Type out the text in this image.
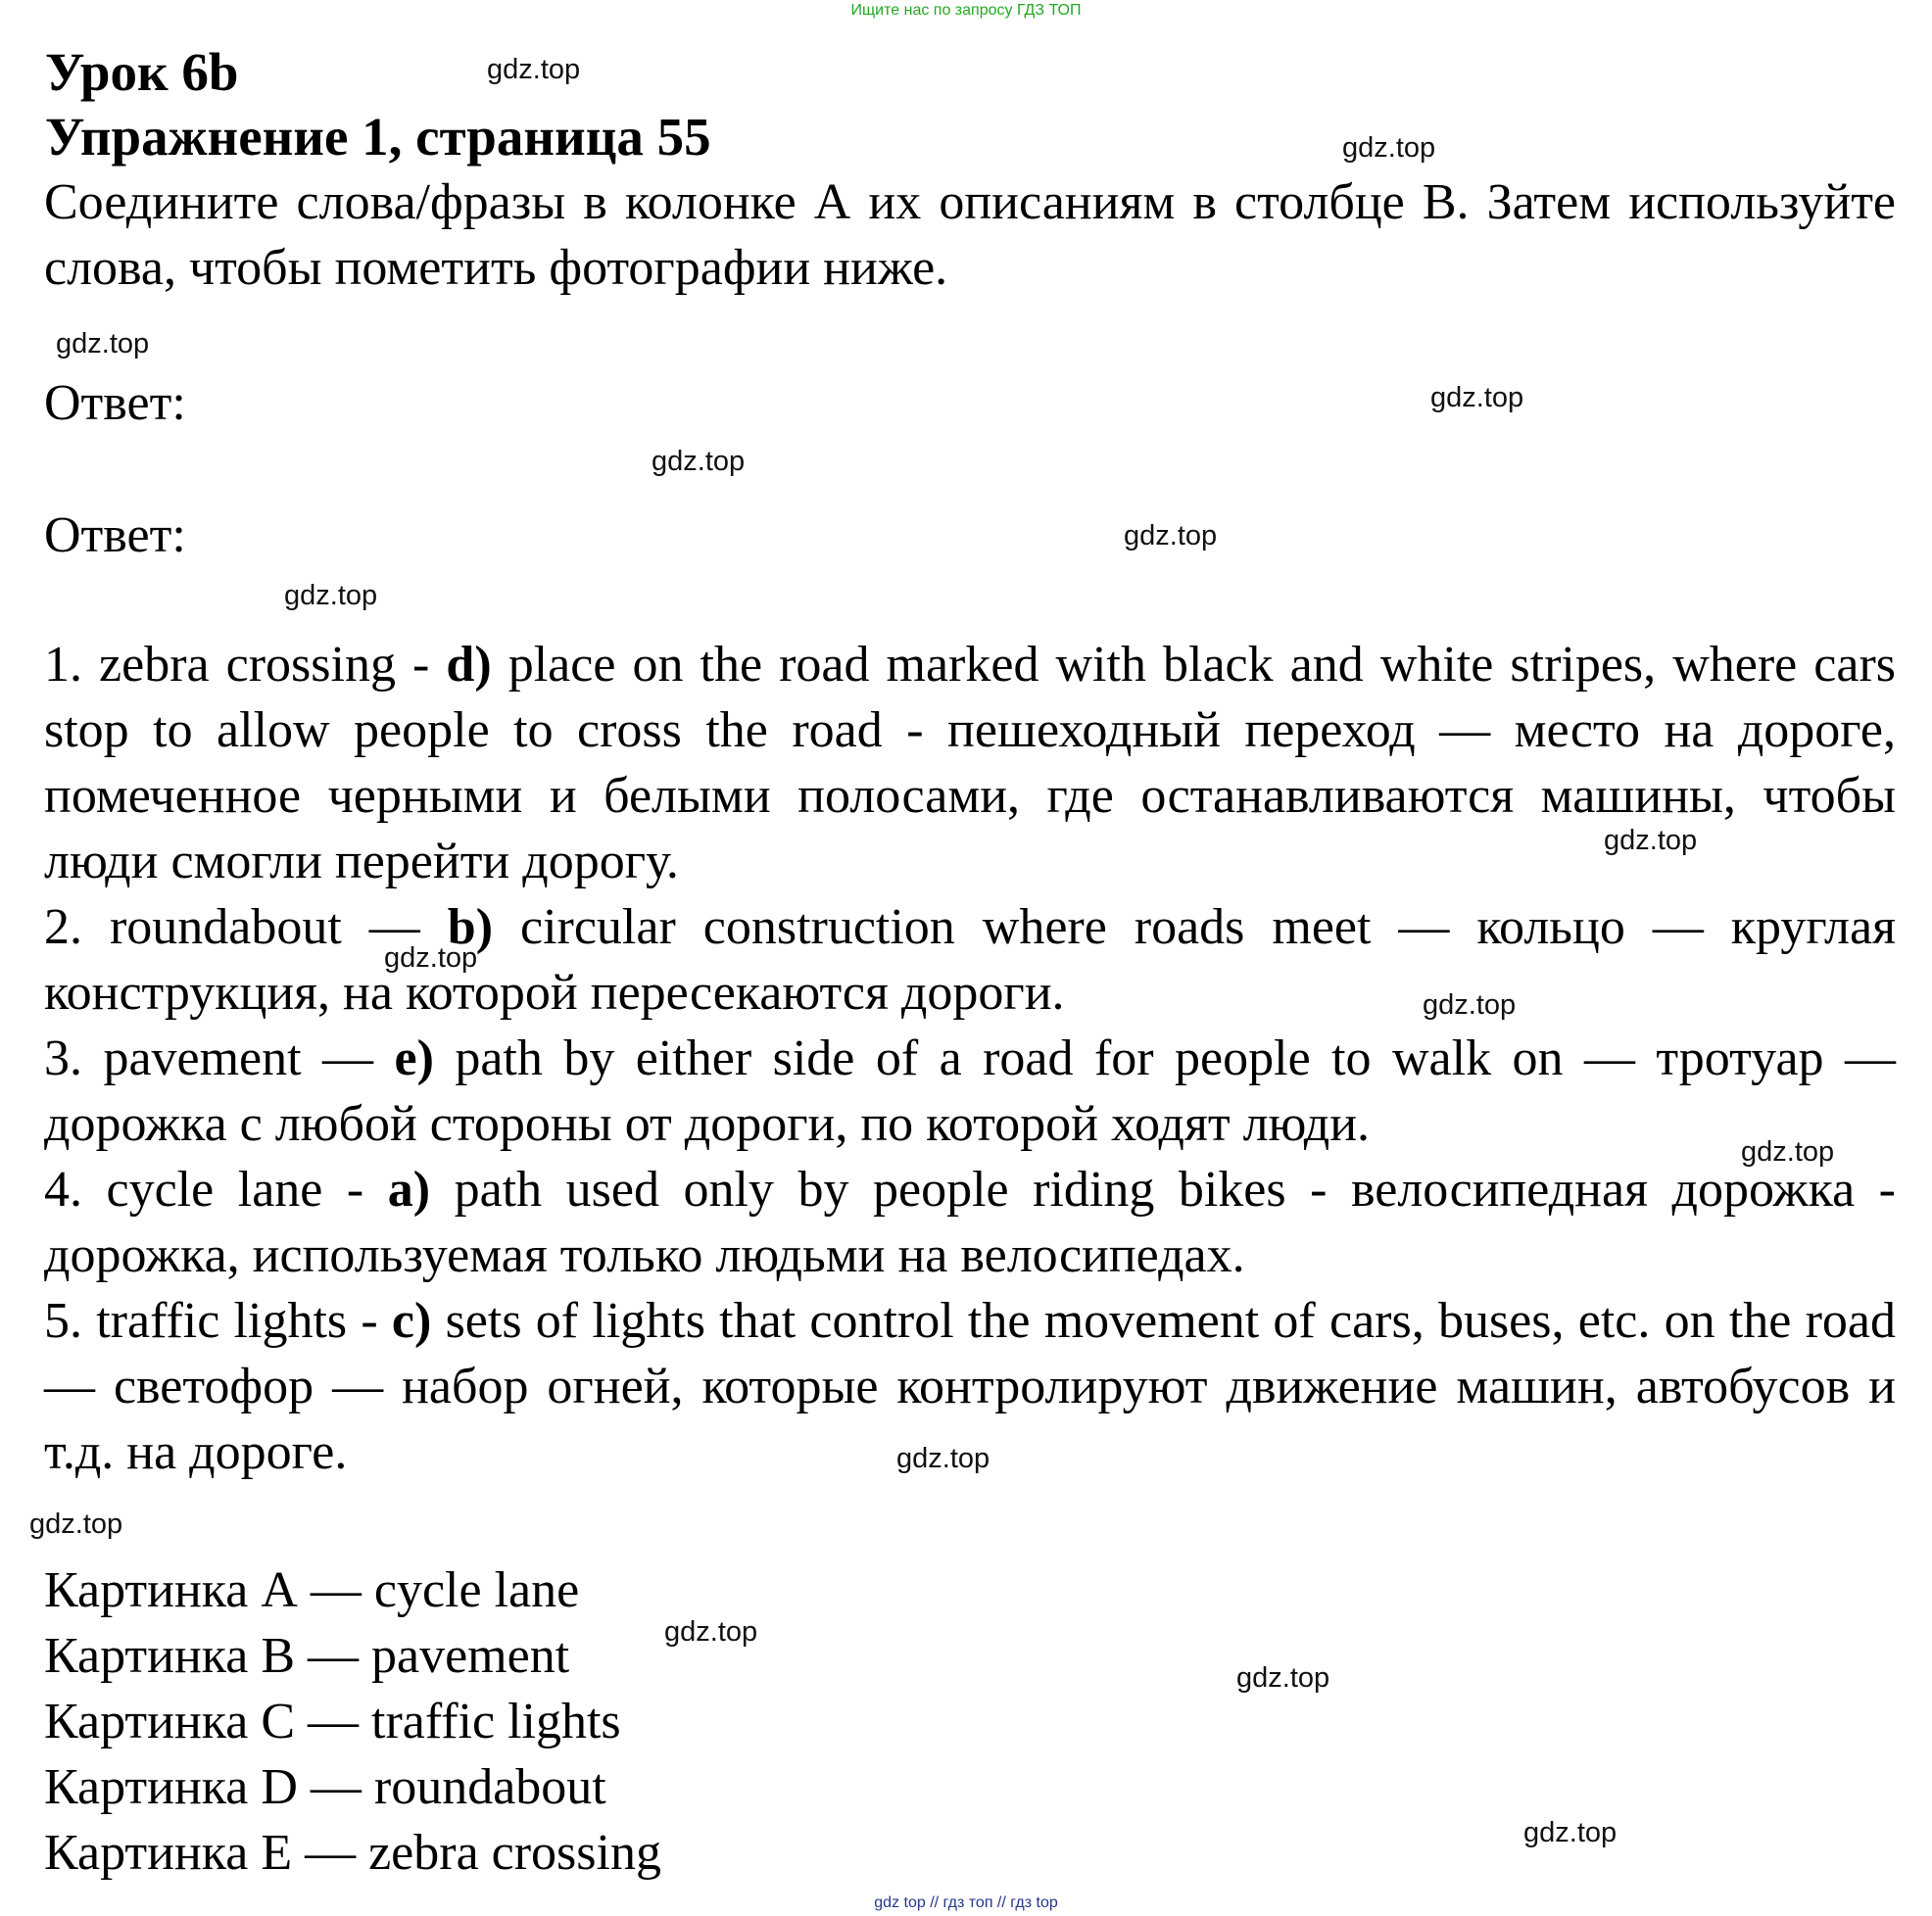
Ищите нас по запросу ГДЗ ТОП
Урок 6b
Упражнение 1, страница 55
Соедините слова/фразы в колонке А их описаниям в столбце В. Затем используйте слова, чтобы пометить фотографии ниже.
Ответ:
Ответ:
1. zebra crossing - d) place on the road marked with black and white stripes, where cars stop to allow people to cross the road - пешеходный переход — место на дороге, помеченное черными и белыми полосами, где останавливаются машины, чтобы люди смогли перейти дорогу.
2. roundabout — b) circular construction where roads meet — кольцо — круглая конструкция, на которой пересекаются дороги.
3. pavement — e) path by either side of a road for people to walk on — тротуар — дорожка с любой стороны от дороги, по которой ходят люди.
4. cycle lane - a) path used only by people riding bikes - велосипедная дорожка - дорожка, используемая только людьми на велосипедах.
5. traffic lights - c) sets of lights that control the movement of cars, buses, etc. on the road — светофор — набор огней, которые контролируют движение машин, автобусов и т.д. на дороге.
Картинка А — cycle lane
Картинка В — pavement
Картинка С — traffic lights
Картинка D — roundabout
Картинка Е — zebra crossing
gdz.top
gdz.top
gdz.top
gdz.top
gdz.top
gdz.top
gdz.top
gdz.top
gdz.top
gdz.top
gdz.top
gdz.top
gdz.top
gdz.top
gdz.top
gdz.top
gdz top // гдз топ // гдз top
